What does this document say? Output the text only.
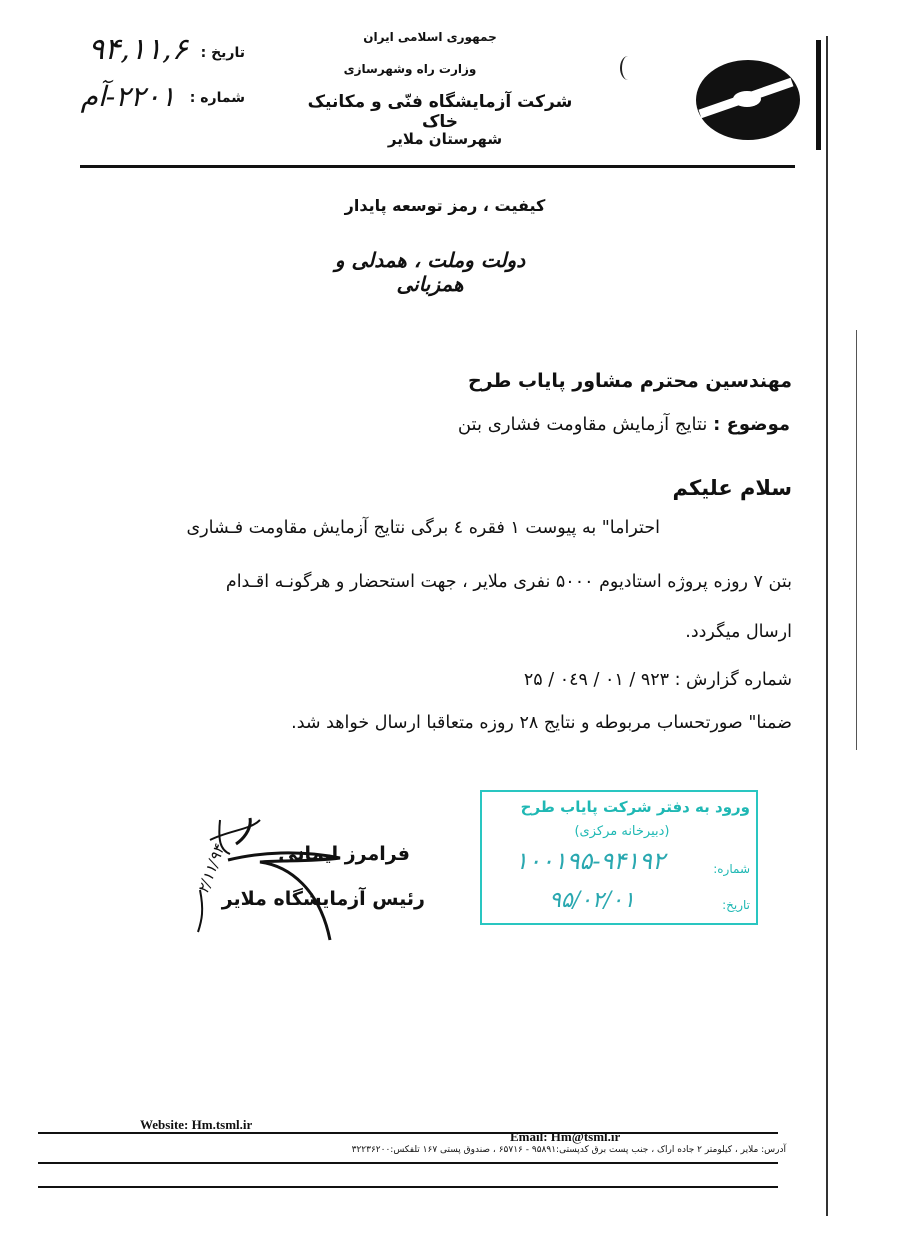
جمهوری اسلامی ایران
وزارت راه وشهرسازی
شرکت آزمایشگاه فنّی و مکانیک خاک
شهرستان ملایر
تاریخ :
۹۴,۱۱,۶
شماره :
۲۲۰۱-آم
کیفیت ، رمز توسعه پایدار
دولت وملت ، همدلی و همزبانی
مهندسین محترم مشاور پایاب طرح
موضوع : نتایج آزمایش مقاومت فشاری بتن
سلام علیکم
احتراما" به پیوست ۱ فقره ٤ برگی نتایج آزمایش مقاومت فـشاری
بتن ۷ روزه پروژه استادیوم ۵۰۰۰ نفری ملایر ، جهت استحضار و هرگونـه اقـدام
ارسال میگردد.
شماره گزارش : ۹۲۳ / ۰۱ / ۰٤۹ / ۲۵
ضمنا" صورتحساب مربوطه و نتایج ۲۸ روزه متعاقبا ارسال خواهد شد.
ورود به دفتر شرکت پایاب طرح
(دبیرخانه مرکزی)
شماره:
۱۰۰۱۹۵-۹۴۱۹۲
تاریخ:
۹۵/۰۲/۰۱
فرامرز ایمانی
رئیس آزمایشگاه ملایر
۲/۱۱/۹۴
Website: Hm.tsml.ir
Email: Hm@tsml.ir
آدرس: ملایر ، کیلومتر ۲ جاده اراک ، جنب پست برق کدپستی:۹۵۸۹۱ - ۶۵۷۱۶ ، صندوق پستی ۱۶۷ تلفکس:۳۲۲۳۶۲۰۰
